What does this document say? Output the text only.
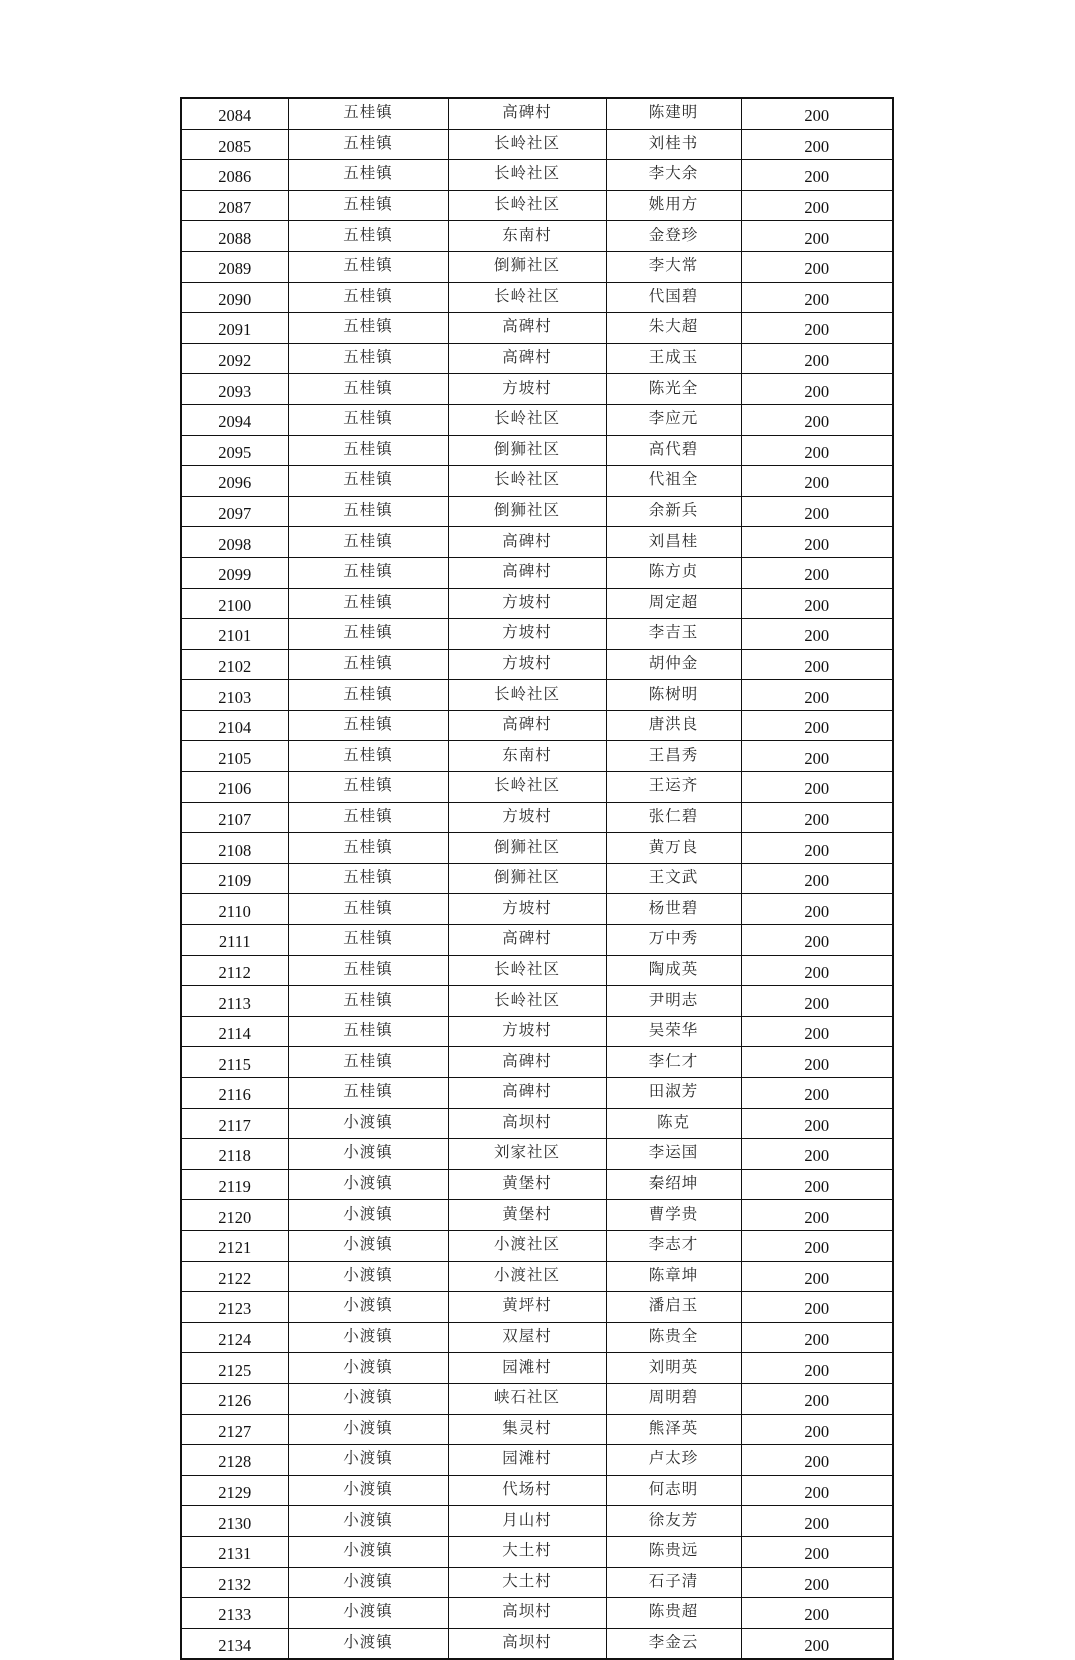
2084	五桂镇	高碑村	陈建明	200
2085	五桂镇	长岭社区	刘桂书	200
2086	五桂镇	长岭社区	李大余	200
2087	五桂镇	长岭社区	姚用方	200
2088	五桂镇	东南村	金登珍	200
2089	五桂镇	倒狮社区	李大常	200
2090	五桂镇	长岭社区	代国碧	200
2091	五桂镇	高碑村	朱大超	200
2092	五桂镇	高碑村	王成玉	200
2093	五桂镇	方坡村	陈光全	200
2094	五桂镇	长岭社区	李应元	200
2095	五桂镇	倒狮社区	高代碧	200
2096	五桂镇	长岭社区	代祖全	200
2097	五桂镇	倒狮社区	余新兵	200
2098	五桂镇	高碑村	刘昌桂	200
2099	五桂镇	高碑村	陈方贞	200
2100	五桂镇	方坡村	周定超	200
2101	五桂镇	方坡村	李吉玉	200
2102	五桂镇	方坡村	胡仲金	200
2103	五桂镇	长岭社区	陈树明	200
2104	五桂镇	高碑村	唐洪良	200
2105	五桂镇	东南村	王昌秀	200
2106	五桂镇	长岭社区	王运齐	200
2107	五桂镇	方坡村	张仁碧	200
2108	五桂镇	倒狮社区	黄万良	200
2109	五桂镇	倒狮社区	王文武	200
2110	五桂镇	方坡村	杨世碧	200
2111	五桂镇	高碑村	万中秀	200
2112	五桂镇	长岭社区	陶成英	200
2113	五桂镇	长岭社区	尹明志	200
2114	五桂镇	方坡村	吴荣华	200
2115	五桂镇	高碑村	李仁才	200
2116	五桂镇	高碑村	田淑芳	200
2117	小渡镇	高坝村	陈克	200
2118	小渡镇	刘家社区	李运国	200
2119	小渡镇	黄堡村	秦绍坤	200
2120	小渡镇	黄堡村	曹学贵	200
2121	小渡镇	小渡社区	李志才	200
2122	小渡镇	小渡社区	陈章坤	200
2123	小渡镇	黄坪村	潘启玉	200
2124	小渡镇	双屋村	陈贵全	200
2125	小渡镇	园滩村	刘明英	200
2126	小渡镇	峡石社区	周明碧	200
2127	小渡镇	集灵村	熊泽英	200
2128	小渡镇	园滩村	卢太珍	200
2129	小渡镇	代场村	何志明	200
2130	小渡镇	月山村	徐友芳	200
2131	小渡镇	大土村	陈贵远	200
2132	小渡镇	大土村	石子清	200
2133	小渡镇	高坝村	陈贵超	200
2134	小渡镇	高坝村	李金云	200
